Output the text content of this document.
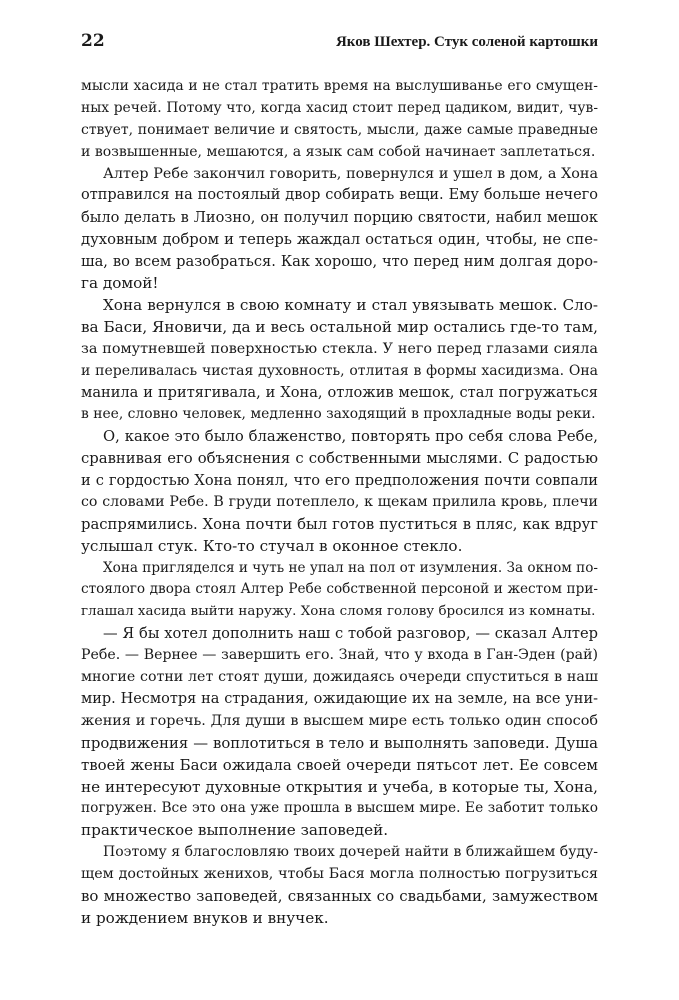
22	Яков Шехтер. Стук соленой картошки
мысли хасида и не стал тратить время на выслушиванье его смущен-
ных речей. Потому что, когда хасид стоит перед цадиком, видит, чув-
ствует, понимает величие и святость, мысли, даже самые праведные
и возвышенные, мешаются, а язык сам собой начинает заплетаться.
Алтер Ребе закончил говорить, повернулся и ушел в дом, а Хона
отправился на постоялый двор собирать вещи. Ему больше нечего
было делать в Лиозно, он получил порцию святости, набил мешок
духовным добром и теперь жаждал остаться один, чтобы, не спе-
ша, во всем разобраться. Как хорошо, что перед ним долгая доро-
га домой!
Хона вернулся в свою комнату и стал увязывать мешок. Сло-
ва Баси, Яновичи, да и весь остальной мир остались где-то там,
за помутневшей поверхностью стекла. У него перед глазами сияла
и переливалась чистая духовность, отлитая в формы хасидизма. Она
манила и притягивала, и Хона, отложив мешок, стал погружаться
в нее, словно человек, медленно заходящий в прохладные воды реки.
О, какое это было блаженство, повторять про себя слова Ребе,
сравнивая его объяснения с собственными мыслями. С радостью
и с гордостью Хона понял, что его предположения почти совпали
со словами Ребе. В груди потеплело, к щекам прилила кровь, плечи
распрямились. Хона почти был готов пуститься в пляс, как вдруг
услышал стук. Кто-то стучал в оконное стекло.
Хона пригляделся и чуть не упал на пол от изумления. За окном по-
стоялого двора стоял Алтер Ребе собственной персоной и жестом при-
глашал хасида выйти наружу. Хона сломя голову бросился из комнаты.
— Я бы хотел дополнить наш с тобой разговор, — сказал Алтер
Ребе. — Вернее — завершить его. Знай, что у входа в Ган-Эден (рай)
многие сотни лет стоят души, дожидаясь очереди спуститься в наш
мир. Несмотря на страдания, ожидающие их на земле, на все уни-
жения и горечь. Для души в высшем мире есть только один способ
продвижения — воплотиться в тело и выполнять заповеди. Душа
твоей жены Баси ожидала своей очереди пятьсот лет. Ее совсем
не интересуют духовные открытия и учеба, в которые ты, Хона,
погружен. Все это она уже прошла в высшем мире. Ее заботит только
практическое выполнение заповедей.
Поэтому я благословляю твоих дочерей найти в ближайшем буду-
щем достойных женихов, чтобы Бася могла полностью погрузиться
во множество заповедей, связанных со свадьбами, замужеством
и рождением внуков и внучек.
